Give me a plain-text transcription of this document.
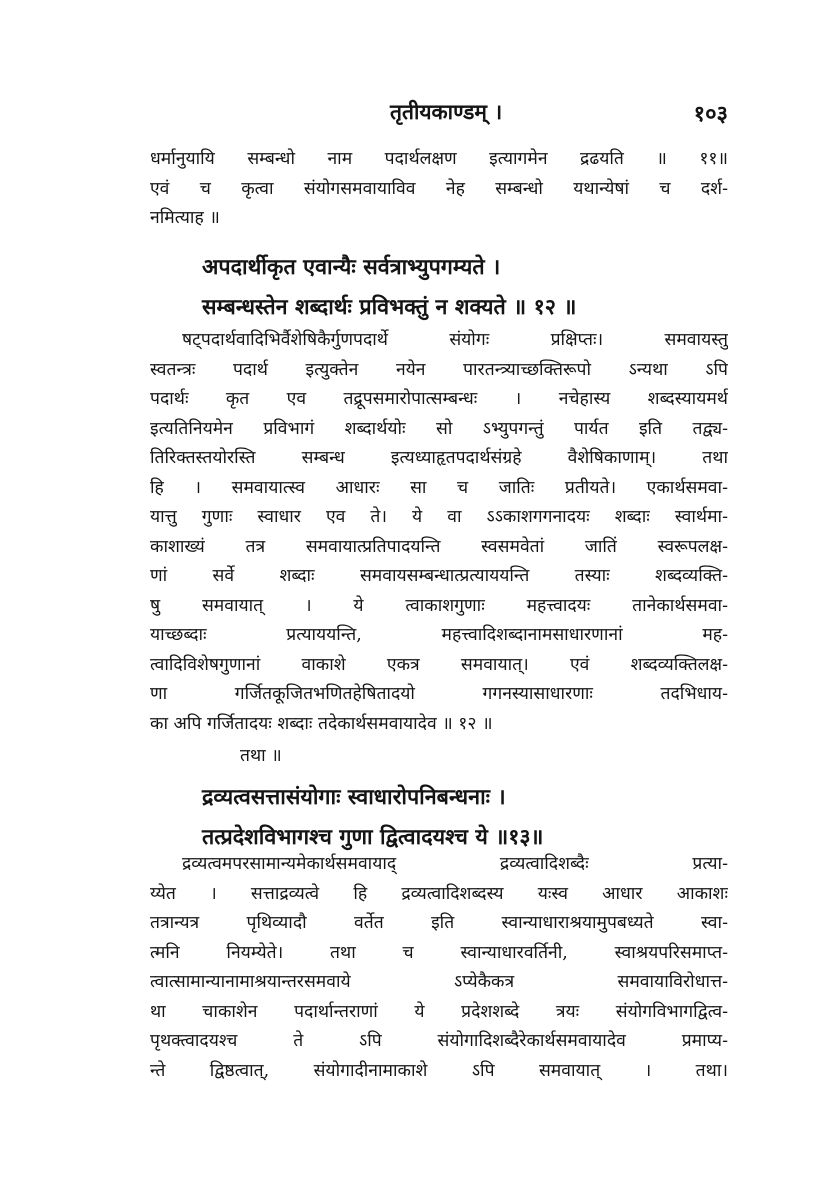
तृतीयकाण्डम् ।	१०३
धर्मानुयायि सम्बन्धो नाम पदार्थलक्षण इत्यागमेन द्रढयति ॥ ११॥
एवं च कृत्वा संयोगसमवायाविव नेह सम्बन्धो यथान्येषां च दर्श-
नमित्याह ॥
अपदार्थीकृत एवान्यैः सर्वत्राभ्युपगम्यते ।
सम्बन्धस्तेन शब्दार्थः प्रविभक्तुं न शक्यते ॥ १२ ॥
षट्पदार्थवादिभिर्वैशेषिकैर्गुणपदार्थे संयोगः प्रक्षिप्तः। समवायस्तु
स्वतन्त्रः पदार्थ इत्युक्तेन नयेन पारतन्त्र्याच्छक्तिरूपो ऽन्यथा ऽपि
पदार्थः कृत एव तद्रूपसमारोपात्सम्बन्धः । नचेहास्य शब्दस्यायमर्थ
इत्यतिनियमेन प्रविभागं शब्दार्थयोः सो ऽभ्युपगन्तुं पार्यत इति तद्व्य-
तिरिक्तस्तयोरस्ति सम्बन्ध इत्यध्याहृतपदार्थसंग्रहे वैशेषिकाणाम्। तथा
हि । समवायात्स्व आधारः सा च जातिः प्रतीयते। एकार्थसमवा-
यात्तु गुणाः स्वाधार एव ते। ये वा ऽऽकाशगगनादयः शब्दाः स्वार्थमा-
काशाख्यं तत्र समवायात्प्रतिपादयन्ति स्वसमवेतां जातिं स्वरूपलक्ष-
णां सर्वे शब्दाः समवायसम्बन्धात्प्रत्याययन्ति तस्याः शब्दव्यक्ति-
षु समवायात् । ये त्वाकाशगुणाः महत्त्वादयः तानेकार्थसमवा-
याच्छब्दाः प्रत्याययन्ति, महत्त्वादिशब्दानामसाधारणानां मह-
त्वादिविशेषगुणानां वाकाशे एकत्र समवायात्। एवं शब्दव्यक्तिलक्ष-
णा गर्जितकूजितभणितहेषितादयो गगनस्यासाधारणाः तदभिधाय-
का अपि गर्जितादयः शब्दाः तदेकार्थसमवायादेव ॥ १२ ॥
तथा ॥
द्रव्यत्वसत्तासंयोगाः स्वाधारोपनिबन्धनाः ।
तत्प्रदेशविभागश्च गुणा द्वित्वादयश्च ये ॥१३॥
द्रव्यत्वमपरसामान्यमेकार्थसमवायाद् द्रव्यत्वादिशब्दैः प्रत्या-
य्येत । सत्ताद्रव्यत्वे हि द्रव्यत्वादिशब्दस्य यःस्व आधार आकाशः
तत्रान्यत्र पृथिव्यादौ वर्तेत इति स्वान्याधाराश्रयामुपबध्यते स्वा-
त्मनि नियम्येते। तथा च स्वान्याधारवर्तिनी, स्वाश्रयपरिसमाप्त-
त्वात्सामान्यानामाश्रयान्तरसमवाये ऽप्येकैकत्र समवायाविरोधात्त-
था चाकाशेन पदार्थान्तराणां ये प्रदेशशब्दे त्रयः संयोगविभागद्वित्व-
पृथक्त्वादयश्च ते ऽपि संयोगादिशब्दैरेकार्थसमवायादेव प्रमाप्य-
न्ते द्विष्ठत्वात्, संयोगादीनामाकाशे ऽपि समवायात् । तथा।
